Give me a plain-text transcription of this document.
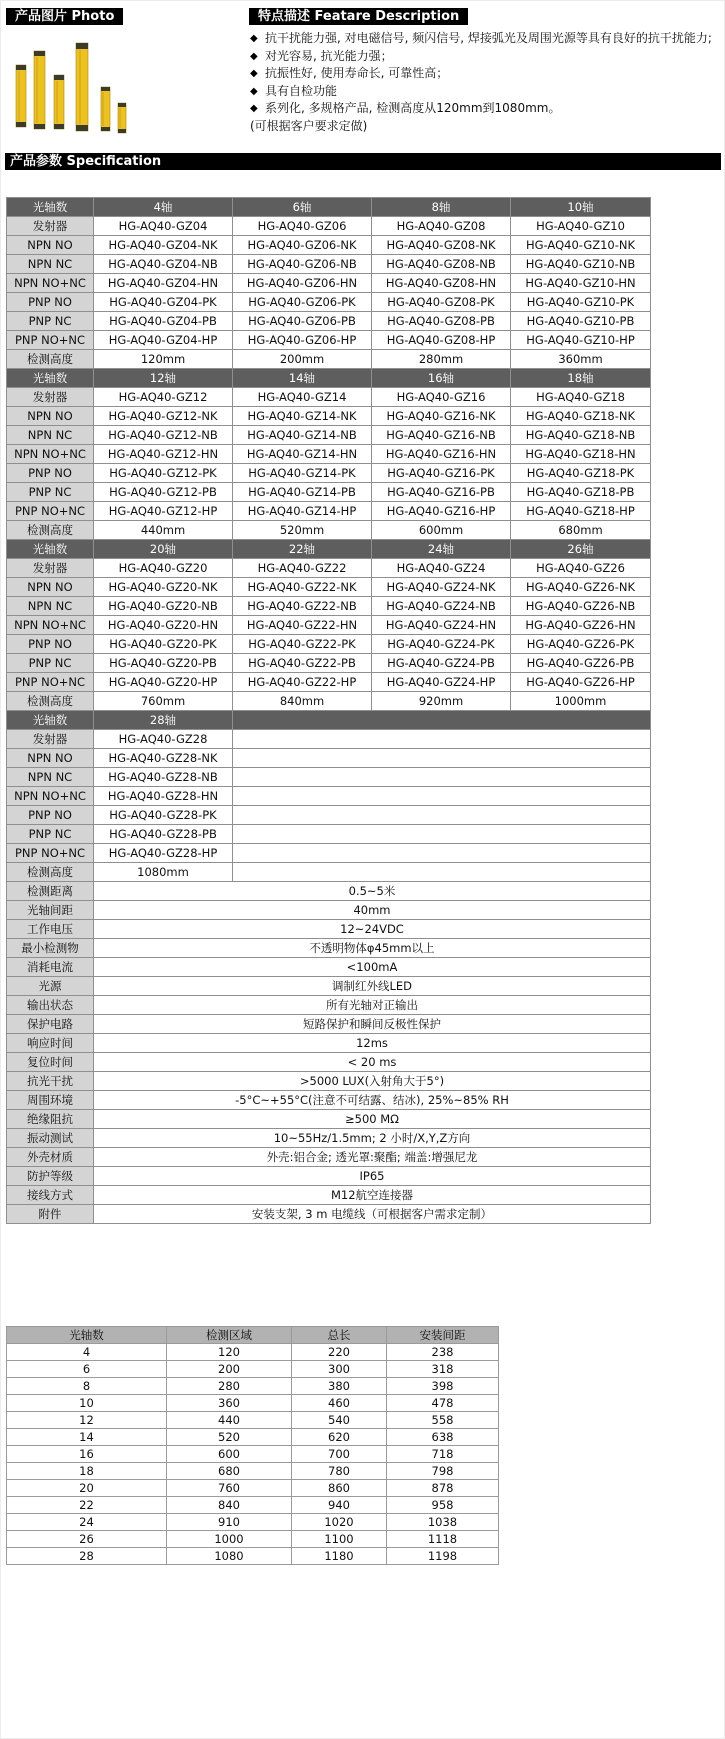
产品图片 Photo	特点描述 Featare Description
◆ 抗干扰能力强, 对电磁信号, 频闪信号, 焊接弧光及周围光源等具有良好的抗干扰能力;
◆ 对光容易, 抗光能力强；
◆ 抗振性好, 使用寿命长, 可靠性高；
◆ 具有自检功能
◆ 系列化, 多规格产品, 检测高度从120mm到1080mm。
(可根据客户要求定做)
产品参数 Specification
光轴数	4轴	6轴	8轴	10轴
发射器	HG-AQ40-GZ04	HG-AQ40-GZ06	HG-AQ40-GZ08	HG-AQ40-GZ10
NPN NO	HG-AQ40-GZ04-NK	HG-AQ40-GZ06-NK	HG-AQ40-GZ08-NK	HG-AQ40-GZ10-NK
NPN NC	HG-AQ40-GZ04-NB	HG-AQ40-GZ06-NB	HG-AQ40-GZ08-NB	HG-AQ40-GZ10-NB
NPN NO+NC	HG-AQ40-GZ04-HN	HG-AQ40-GZ06-HN	HG-AQ40-GZ08-HN	HG-AQ40-GZ10-HN
PNP NO	HG-AQ40-GZ04-PK	HG-AQ40-GZ06-PK	HG-AQ40-GZ08-PK	HG-AQ40-GZ10-PK
PNP NC	HG-AQ40-GZ04-PB	HG-AQ40-GZ06-PB	HG-AQ40-GZ08-PB	HG-AQ40-GZ10-PB
PNP NO+NC	HG-AQ40-GZ04-HP	HG-AQ40-GZ06-HP	HG-AQ40-GZ08-HP	HG-AQ40-GZ10-HP
检测高度	120mm	200mm	280mm	360mm
光轴数	12轴	14轴	16轴	18轴
发射器	HG-AQ40-GZ12	HG-AQ40-GZ14	HG-AQ40-GZ16	HG-AQ40-GZ18
NPN NO	HG-AQ40-GZ12-NK	HG-AQ40-GZ14-NK	HG-AQ40-GZ16-NK	HG-AQ40-GZ18-NK
NPN NC	HG-AQ40-GZ12-NB	HG-AQ40-GZ14-NB	HG-AQ40-GZ16-NB	HG-AQ40-GZ18-NB
NPN NO+NC	HG-AQ40-GZ12-HN	HG-AQ40-GZ14-HN	HG-AQ40-GZ16-HN	HG-AQ40-GZ18-HN
PNP NO	HG-AQ40-GZ12-PK	HG-AQ40-GZ14-PK	HG-AQ40-GZ16-PK	HG-AQ40-GZ18-PK
PNP NC	HG-AQ40-GZ12-PB	HG-AQ40-GZ14-PB	HG-AQ40-GZ16-PB	HG-AQ40-GZ18-PB
PNP NO+NC	HG-AQ40-GZ12-HP	HG-AQ40-GZ14-HP	HG-AQ40-GZ16-HP	HG-AQ40-GZ18-HP
检测高度	440mm	520mm	600mm	680mm
光轴数	20轴	22轴	24轴	26轴
发射器	HG-AQ40-GZ20	HG-AQ40-GZ22	HG-AQ40-GZ24	HG-AQ40-GZ26
NPN NO	HG-AQ40-GZ20-NK	HG-AQ40-GZ22-NK	HG-AQ40-GZ24-NK	HG-AQ40-GZ26-NK
NPN NC	HG-AQ40-GZ20-NB	HG-AQ40-GZ22-NB	HG-AQ40-GZ24-NB	HG-AQ40-GZ26-NB
NPN NO+NC	HG-AQ40-GZ20-HN	HG-AQ40-GZ22-HN	HG-AQ40-GZ24-HN	HG-AQ40-GZ26-HN
PNP NO	HG-AQ40-GZ20-PK	HG-AQ40-GZ22-PK	HG-AQ40-GZ24-PK	HG-AQ40-GZ26-PK
PNP NC	HG-AQ40-GZ20-PB	HG-AQ40-GZ22-PB	HG-AQ40-GZ24-PB	HG-AQ40-GZ26-PB
PNP NO+NC	HG-AQ40-GZ20-HP	HG-AQ40-GZ22-HP	HG-AQ40-GZ24-HP	HG-AQ40-GZ26-HP
检测高度	760mm	840mm	920mm	1000mm
光轴数	28轴			
发射器	HG-AQ40-GZ28			
NPN NO	HG-AQ40-GZ28-NK			
NPN NC	HG-AQ40-GZ28-NB			
NPN NO+NC	HG-AQ40-GZ28-HN			
PNP NO	HG-AQ40-GZ28-PK			
PNP NC	HG-AQ40-GZ28-PB			
PNP NO+NC	HG-AQ40-GZ28-HP			
检测高度	1080mm			
检测距离	0.5~5米			
光轴间距	40mm			
工作电压	12~24VDC			
最小检测物	不透明物体φ45mm以上			
消耗电流	<100mA			
光源	调制红外线LED			
输出状态	所有光轴对正输出			
保护电路	短路保护和瞬间反极性保护			
响应时间	12ms			
复位时间	< 20 ms			
抗光干扰	>5000 LUX(入射角大于5°)			
周围环境	-5°C~+55°C(注意不可结露、结冰), 25%~85% RH			
绝缘阻抗	≥500 MΩ			
振动测试	10~55Hz/1.5mm; 2 小时/X,Y,Z方向			
外壳材质	外壳:铝合金; 透光罩:聚酯; 端盖:增强尼龙			
防护等级	IP65			
接线方式	M12航空连接器			
附件	安装支架, 3 m 电缆线（可根据客户需求定制）			
光轴数	检测区域	总长	安装间距
4	120	220	238
6	200	300	318
8	280	380	398
10	360	460	478
12	440	540	558
14	520	620	638
16	600	700	718
18	680	780	798
20	760	860	878
22	840	940	958
24	910	1020	1038
26	1000	1100	1118
28	1080	1180	1198
